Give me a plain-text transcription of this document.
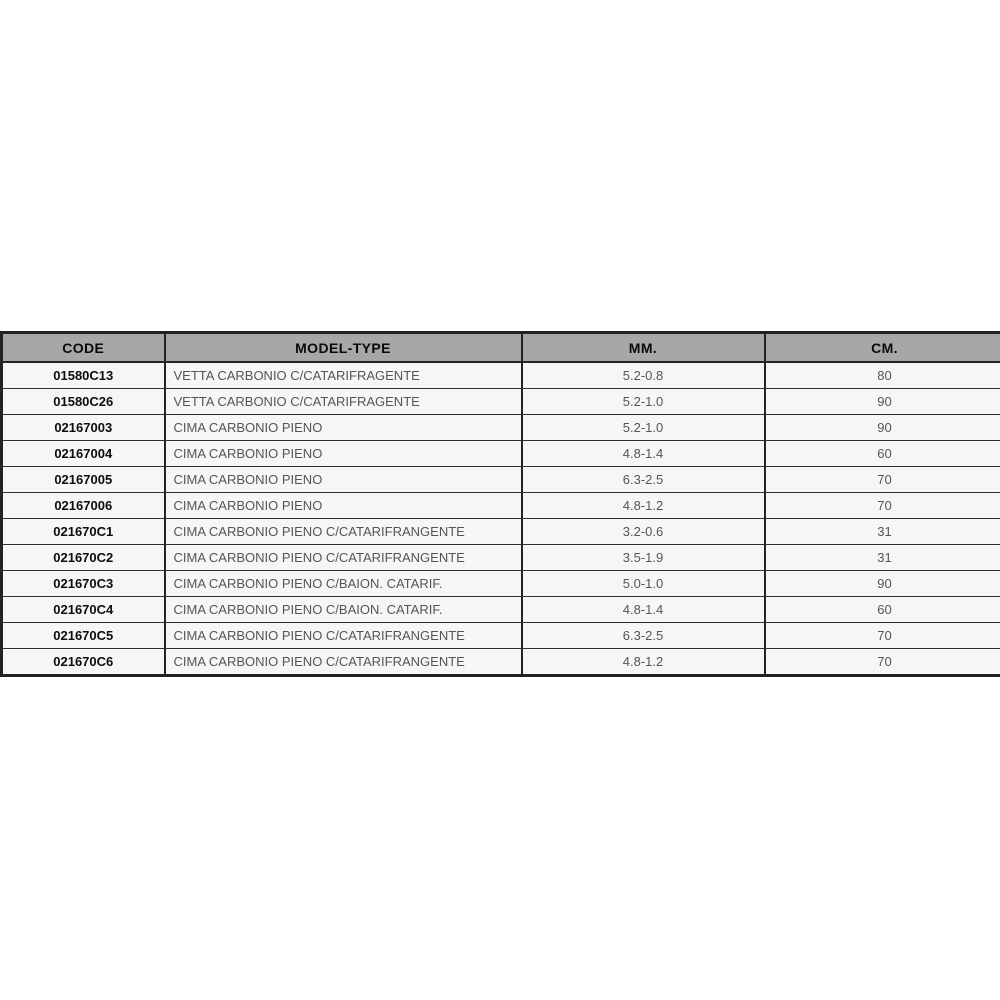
CODE	MODEL-TYPE	MM.	CM.
01580C13	VETTA CARBONIO C/CATARIFRAGENTE	5.2-0.8	80
01580C26	VETTA CARBONIO C/CATARIFRAGENTE	5.2-1.0	90
02167003	CIMA CARBONIO PIENO	5.2-1.0	90
02167004	CIMA CARBONIO PIENO	4.8-1.4	60
02167005	CIMA CARBONIO PIENO	6.3-2.5	70
02167006	CIMA CARBONIO PIENO	4.8-1.2	70
021670C1	CIMA CARBONIO PIENO C/CATARIFRANGENTE	3.2-0.6	31
021670C2	CIMA CARBONIO PIENO C/CATARIFRANGENTE	3.5-1.9	31
021670C3	CIMA CARBONIO PIENO C/BAION. CATARIF.	5.0-1.0	90
021670C4	CIMA CARBONIO PIENO C/BAION. CATARIF.	4.8-1.4	60
021670C5	CIMA CARBONIO PIENO C/CATARIFRANGENTE	6.3-2.5	70
021670C6	CIMA CARBONIO PIENO C/CATARIFRANGENTE	4.8-1.2	70
